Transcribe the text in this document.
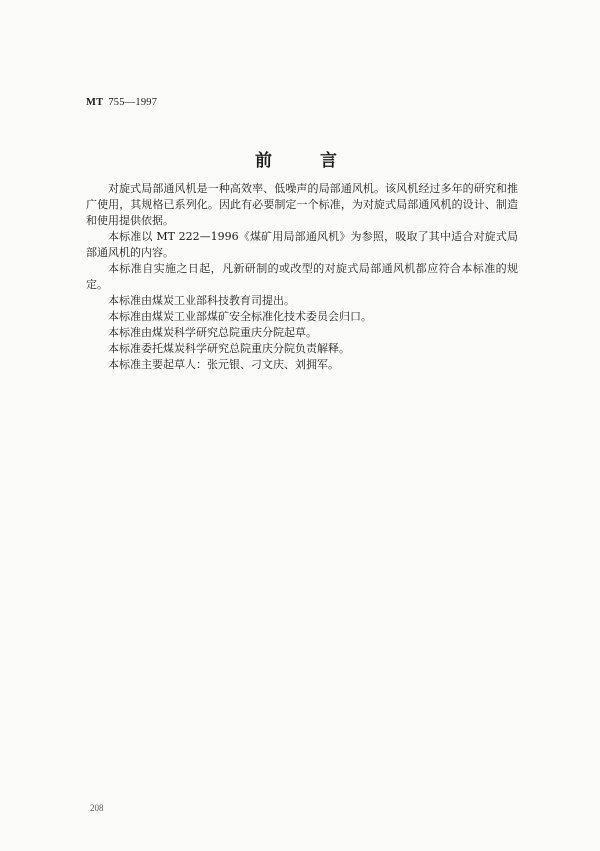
MT 755—1997
前言

对旋式局部通风机是一种高效率、低噪声的局部通风机。该风机经过多年的研究和推广使用，其规格已系列化。因此有必要制定一个标准，为对旋式局部通风机的设计、制造和使用提供依据。

本标准以 MT 222—1996《煤矿用局部通风机》为参照，吸取了其中适合对旋式局部通风机的内容。

本标准自实施之日起，凡新研制的或改型的对旋式局部通风机都应符合本标准的规定。

本标准由煤炭工业部科技教育司提出。

本标准由煤炭工业部煤矿安全标准化技术委员会归口。

本标准由煤炭科学研究总院重庆分院起草。

本标准委托煤炭科学研究总院重庆分院负责解释。

本标准主要起草人：张元银、刁文庆、刘拥军。

208
